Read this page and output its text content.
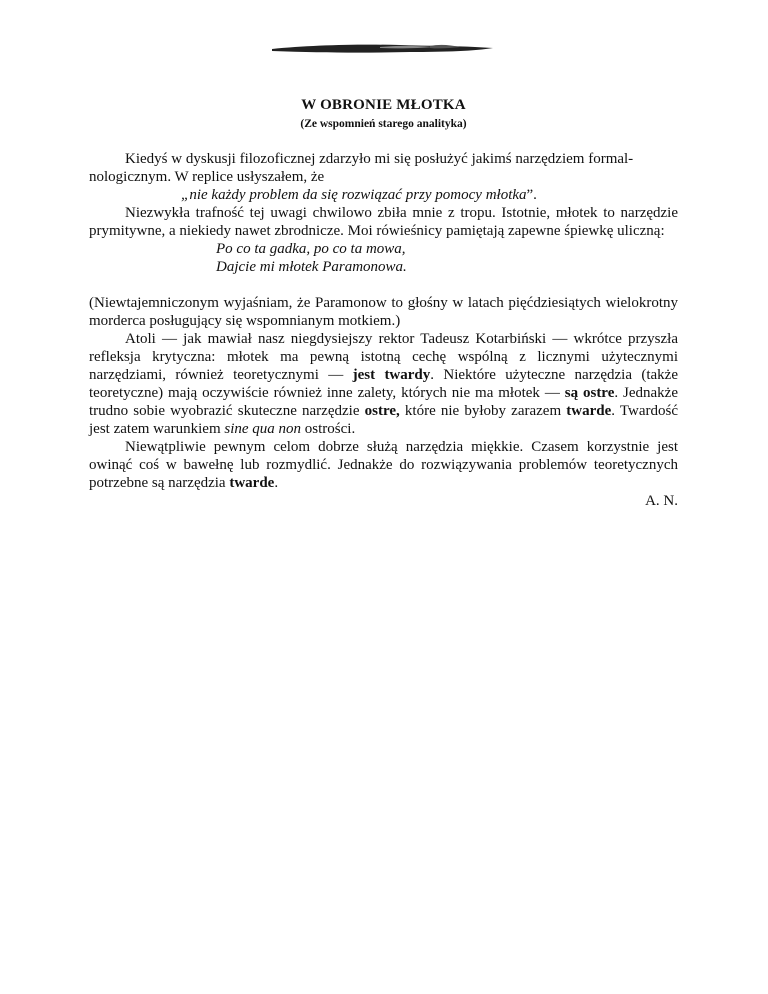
W OBRONIE MŁOTKA
(Ze wspomnień starego analityka)

Kiedyś w dyskusji filozoficznej zdarzyło mi się posłużyć jakimś narzędziem formal-

nologicznym. W replice usłyszałem, że

„nie każdy problem da się rozwiązać przy pomocy młotka”.

Niezwykła trafność tej uwagi chwilowo zbiła mnie z tropu. Istotnie, młotek to narzędzie prymitywne, a niekiedy nawet zbrodnicze. Moi rówieśnicy pamiętają zapewne śpiewkę uliczną:

Po co ta gadka, po co ta mowa,

Dajcie mi młotek Paramonowa.

(Niewtajemniczonym wyjaśniam, że Paramonow to głośny w latach pięćdziesiątych wielokrotny morderca posługujący się wspomnianym motkiem.)

Atoli — jak mawiał nasz niegdysiejszy rektor Tadeusz Kotarbiński — wkrótce przyszła refleksja krytyczna: młotek ma pewną istotną cechę wspólną z licznymi użytecznymi narzędziami, również teoretycznymi — jest twardy. Niektóre użyteczne narzędzia (także teoretyczne) mają oczywiście również inne zalety, których nie ma młotek — są ostre. Jednakże trudno sobie wyobrazić skuteczne narzędzie ostre, które nie byłoby zarazem twarde. Twardość jest zatem warunkiem sine qua non ostrości.

Niewątpliwie pewnym celom dobrze służą narzędzia miękkie. Czasem korzystnie jest owinąć coś w bawełnę lub rozmydlić. Jednakże do rozwiązywania problemów teoretycznych potrzebne są narzędzia twarde.

A. N.
